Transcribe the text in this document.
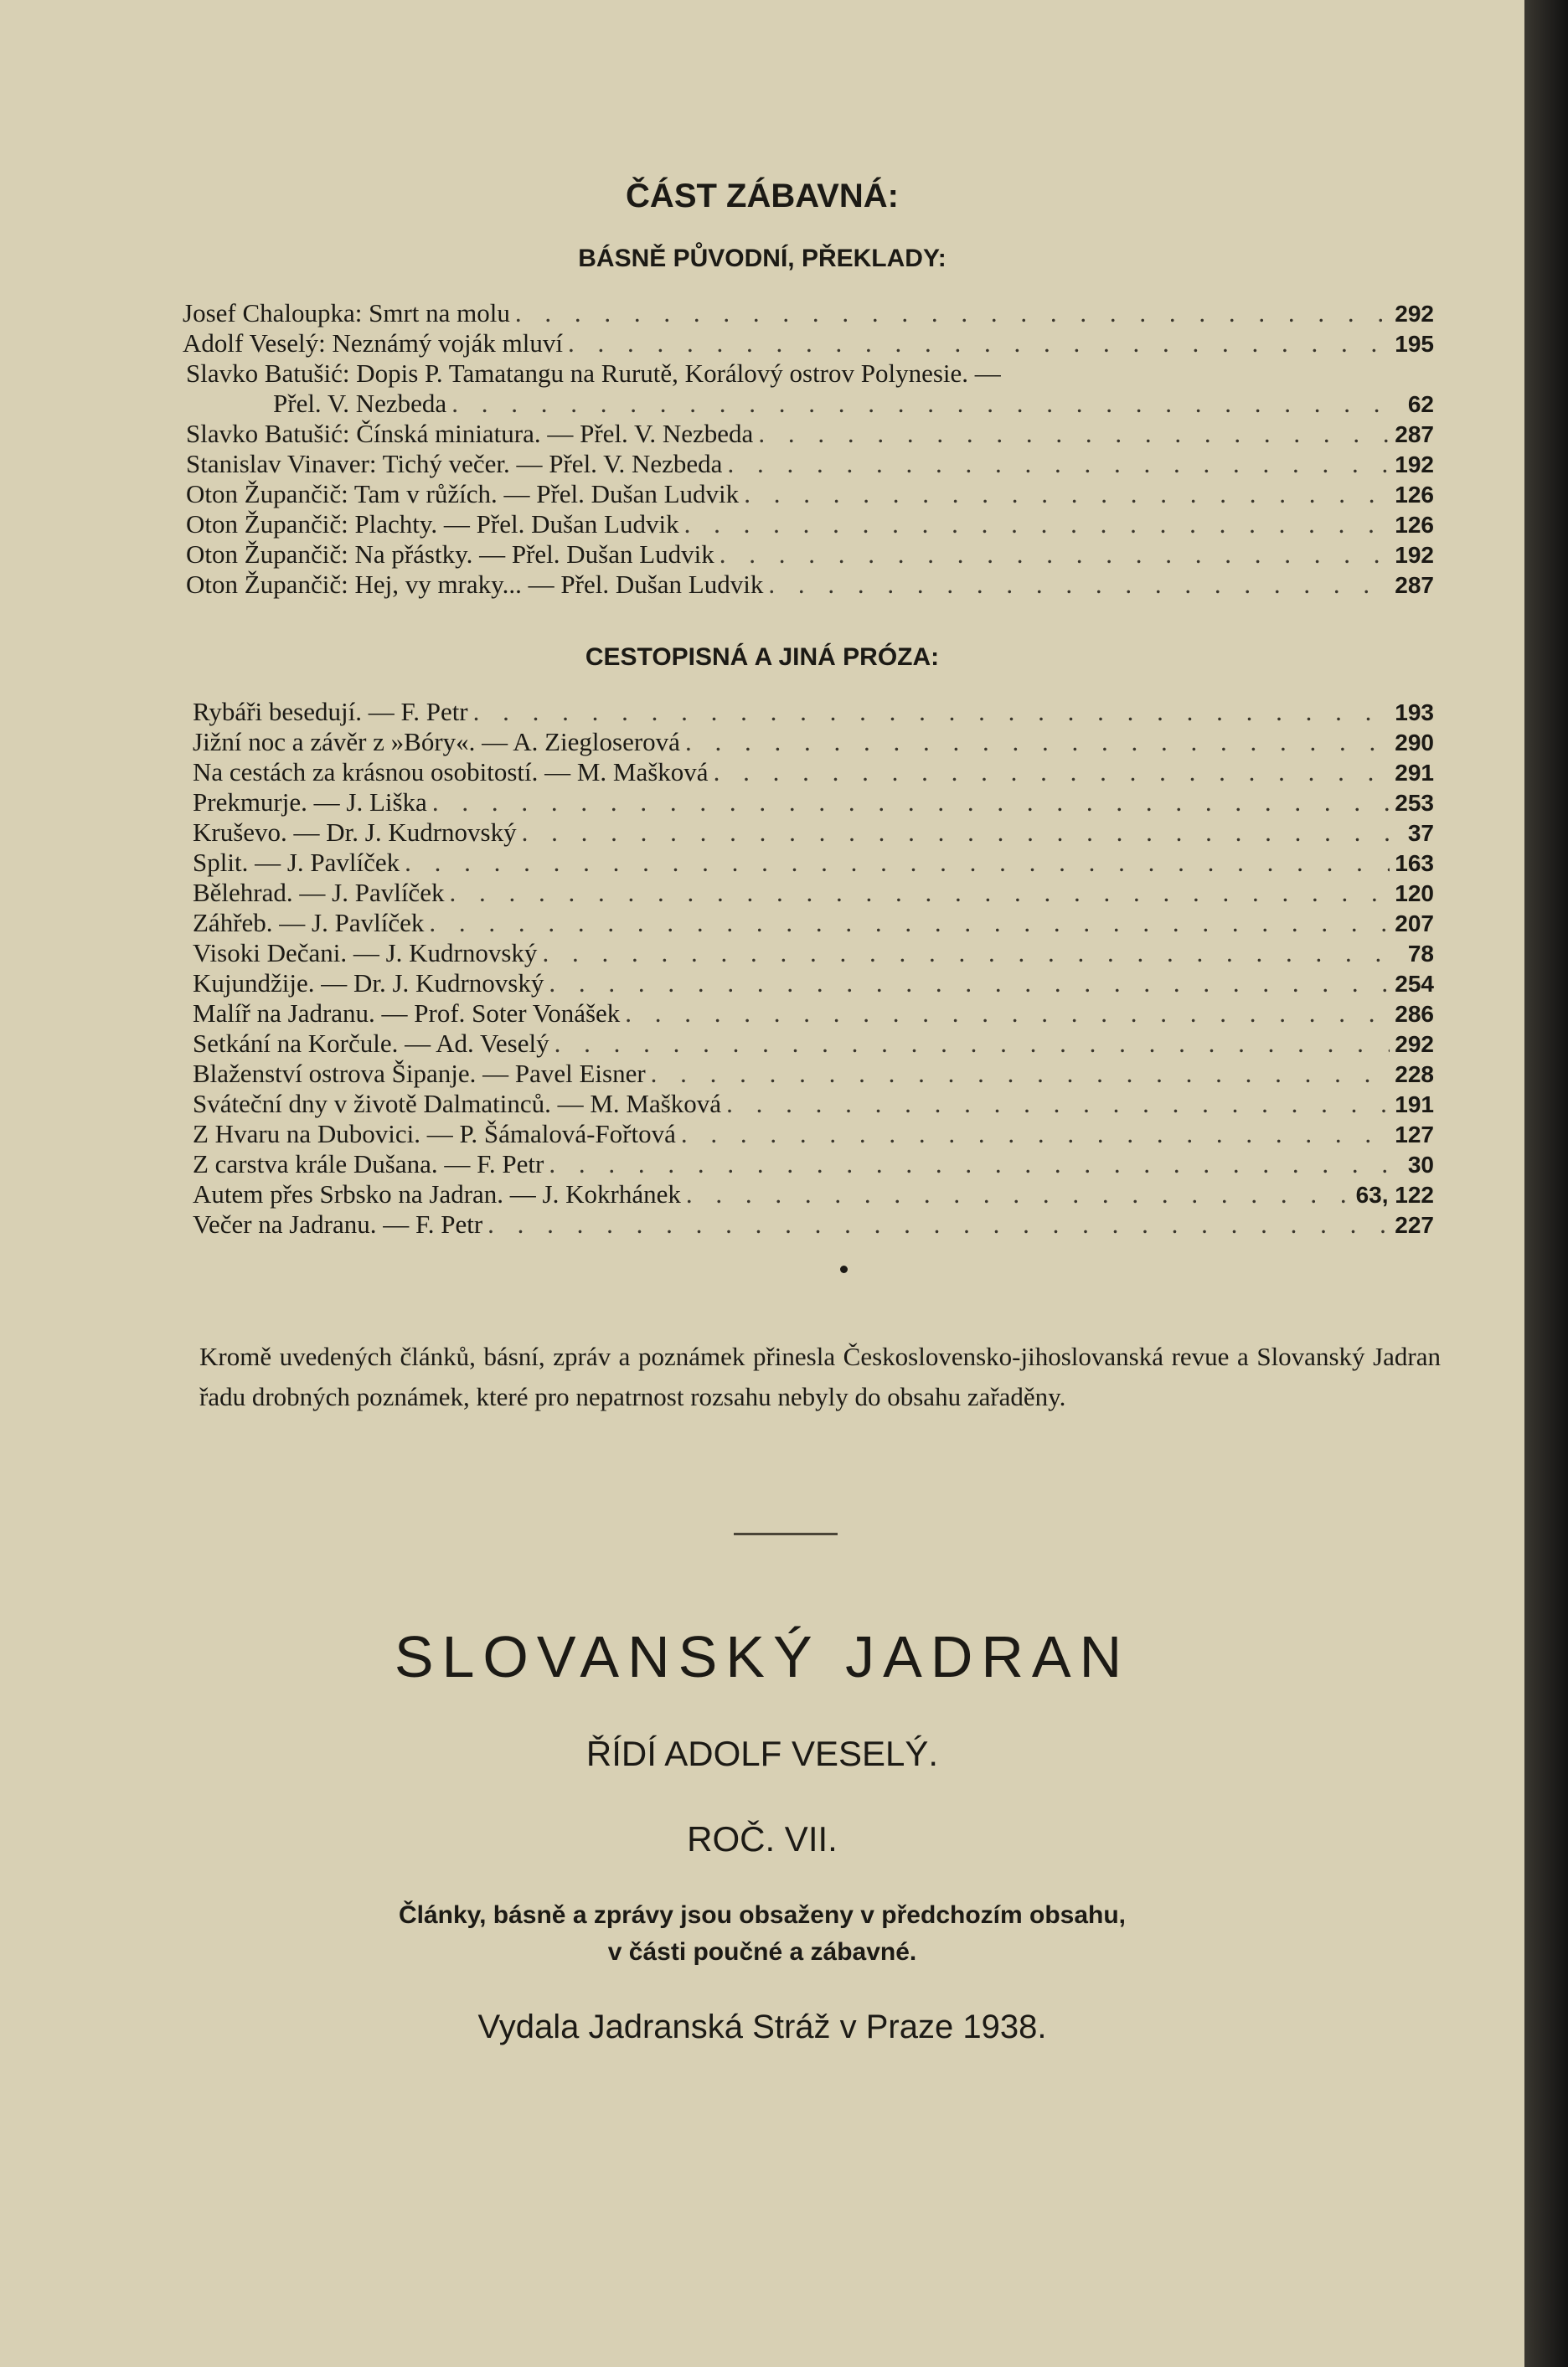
ČÁST ZÁBAVNÁ:
BÁSNĚ PŮVODNÍ, PŘEKLADY:
Josef Chaloupka: Smrt na molu . . .	292
Adolf Veselý: Neznámý voják mluví . . .	195
Slavko Batušić: Dopis P. Tamatangu na Rurutě, Korálový ostrov Polynesie. —
Přel. V. Nezbeda . . .	62
Slavko Batušić: Čínská miniatura. — Přel. V. Nezbeda . . .	287
Stanislav Vinaver: Tichý večer. — Přel. V. Nezbeda . . .	192
Oton Župančič: Tam v růžích. — Přel. Dušan Ludvik . . .	126
Oton Župančič: Plachty. — Přel. Dušan Ludvik . . .	126
Oton Župančič: Na přástky. — Přel. Dušan Ludvik . . .	192
Oton Župančič: Hej, vy mraky... — Přel. Dušan Ludvik . . .	287
CESTOPISNÁ A JINÁ PRÓZA:
Rybáři besedují. — F. Petr . . .	193
Jižní noc a závěr z »Bóry«. — A. Ziegloserová . . .	290
Na cestách za krásnou osobitostí. — M. Mašková . . .	291
Prekmurje. — J. Liška . . .	253
Kruševo. — Dr. J. Kudrnovský . . .	37
Split. — J. Pavlíček . . .	163
Bělehrad. — J. Pavlíček . . .	120
Záhřeb. — J. Pavlíček . . .	207
Visoki Dečani. — J. Kudrnovský . . .	78
Kujundžije. — Dr. J. Kudrnovský . . .	254
Malíř na Jadranu. — Prof. Soter Vonášek . . .	286
Setkání na Korčule. — Ad. Veselý . . .	292
Blaženství ostrova Šipanje. — Pavel Eisner . . .	228
Sváteční dny v životě Dalmatinců. — M. Mašková . . .	191
Z Hvaru na Dubovici. — P. Šámalová-Fořtová . . .	127
Z carstva krále Dušana. — F. Petr . . .	30
Autem přes Srbsko na Jadran. — J. Kokrhánek . . .	63, 122
Večer na Jadranu. — F. Petr . . .	227
Kromě uvedených článků, básní, zpráv a poznámek přinesla Československo-jihoslovanská revue a Slovanský Jadran řadu drobných poznámek, které pro nepatrnost rozsahu nebyly do obsahu zařaděny.
SLOVANSKÝ JADRAN
ŘÍDÍ ADOLF VESELÝ.
ROČ. VII.
Články, básně a zprávy jsou obsaženy v předchozím obsahu,
v části poučné a zábavné.
Vydala Jadranská Stráž v Praze 1938.
